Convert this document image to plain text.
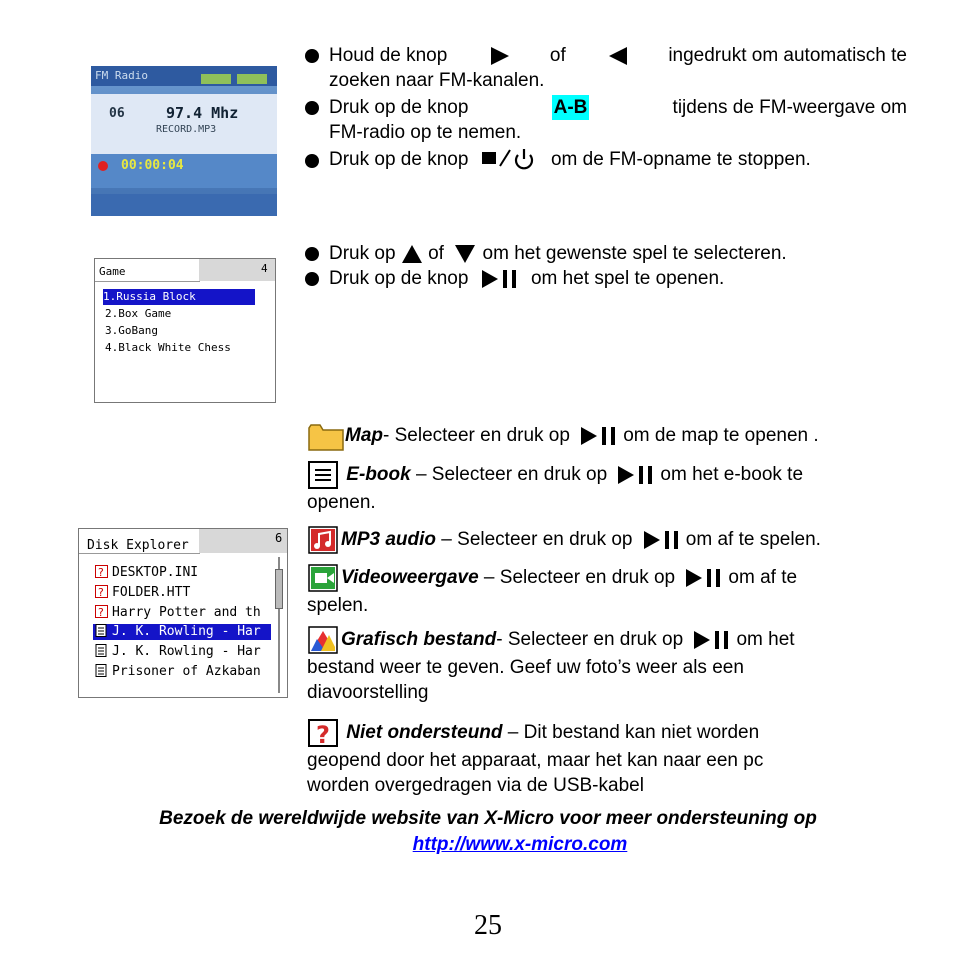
FM Radio
06	97.4 Mhz
RECORD.MP3
00:00:04
Houd de knop	of	ingedrukt om automatisch te
zoeken naar FM-kanalen.
Druk op de knop	A-B	tijdens de FM-weergave om
FM-radio op te nemen.
Druk op de knop	om de FM-opname te stoppen.
Game	4
1.Russia Block
2.Box Game
3.GoBang
4.Black White Chess
Druk op of om het gewenste spel te selecteren.
Druk op de knop	om het spel te openen.
Disk Explorer	6
? DESKTOP.INI
? FOLDER.HTT
? Harry Potter and th
J. K. Rowling - Har
J. K. Rowling - Har
Prisoner of Azkaban
Map- Selecteer en druk op	om de map te openen .
E-book – Selecteer en druk op	om het e-book te
openen.
MP3 audio – Selecteer en druk op	om af te spelen.
Videoweergave – Selecteer en druk op	om af te
spelen.
Grafisch bestand- Selecteer en druk op	om het
bestand weer te geven. Geef uw foto’s weer als een
diavoorstelling
? Niet ondersteund – Dit bestand kan niet worden
geopend door het apparaat, maar het kan naar een pc
worden overgedragen via de USB-kabel
Bezoek de wereldwijde website van X-Micro voor meer ondersteuning op
http://www.x-micro.com
25
